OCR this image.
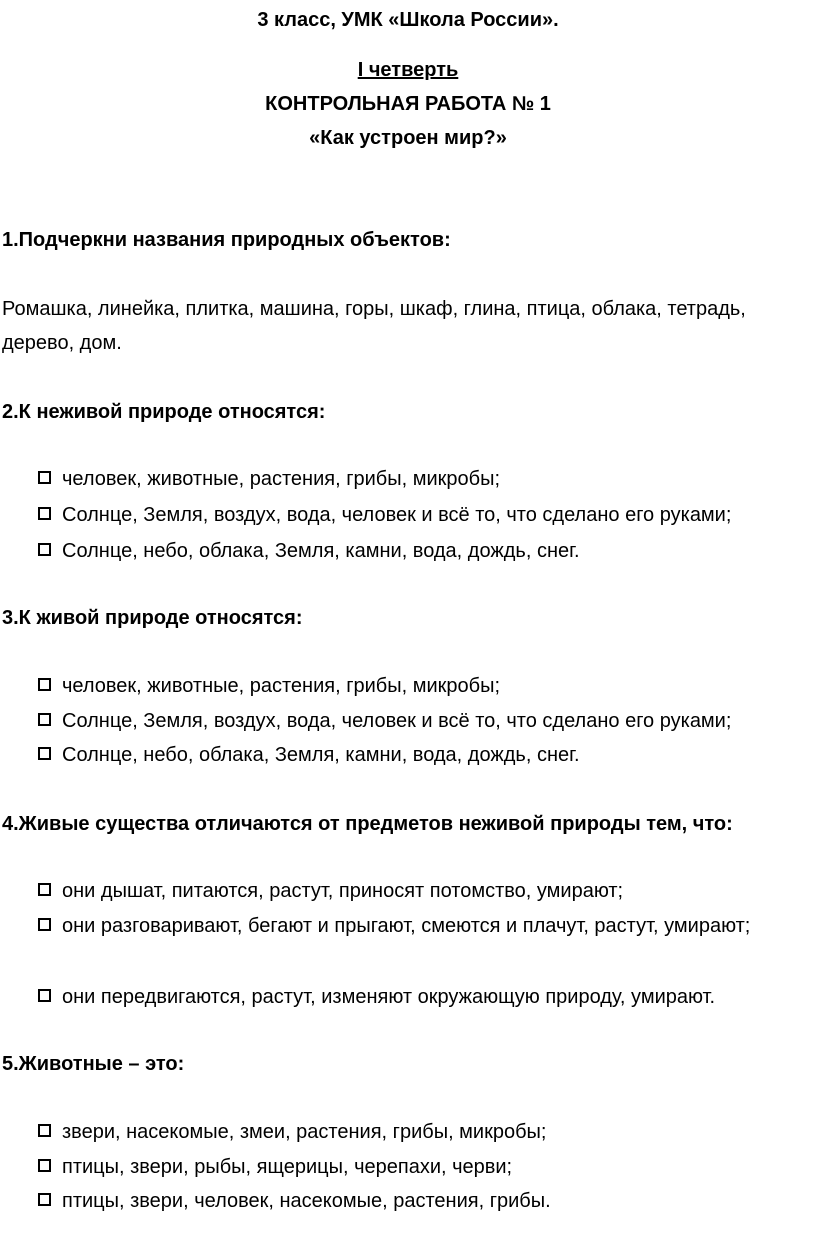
3 класс, УМК «Школа России».
I четверть
КОНТРОЛЬНАЯ РАБОТА № 1
«Как устроен мир?»
1.Подчеркни названия природных объектов:
Ромашка, линейка, плитка, машина, горы, шкаф, глина, птица, облака, тетрадь, дерево, дом.
2.К неживой природе относятся:
человек, животные, растения, грибы, микробы;
Солнце, Земля, воздух, вода, человек и всё то, что сделано его руками;
Солнце, небо, облака, Земля, камни, вода, дождь, снег.
3.К живой природе относятся:
человек, животные, растения, грибы, микробы;
Солнце, Земля, воздух, вода, человек и всё то, что сделано его руками;
Солнце, небо, облака, Земля, камни, вода, дождь, снег.
4.Живые существа отличаются от предметов неживой природы тем, что:
они дышат, питаются, растут, приносят потомство, умирают;
они разговаривают, бегают и прыгают, смеются и плачут, растут, умирают;
они передвигаются, растут, изменяют окружающую природу, умирают.
5.Животные – это:
звери, насекомые, змеи, растения, грибы, микробы;
птицы, звери, рыбы, ящерицы, черепахи, черви;
птицы, звери, человек, насекомые, растения, грибы.
